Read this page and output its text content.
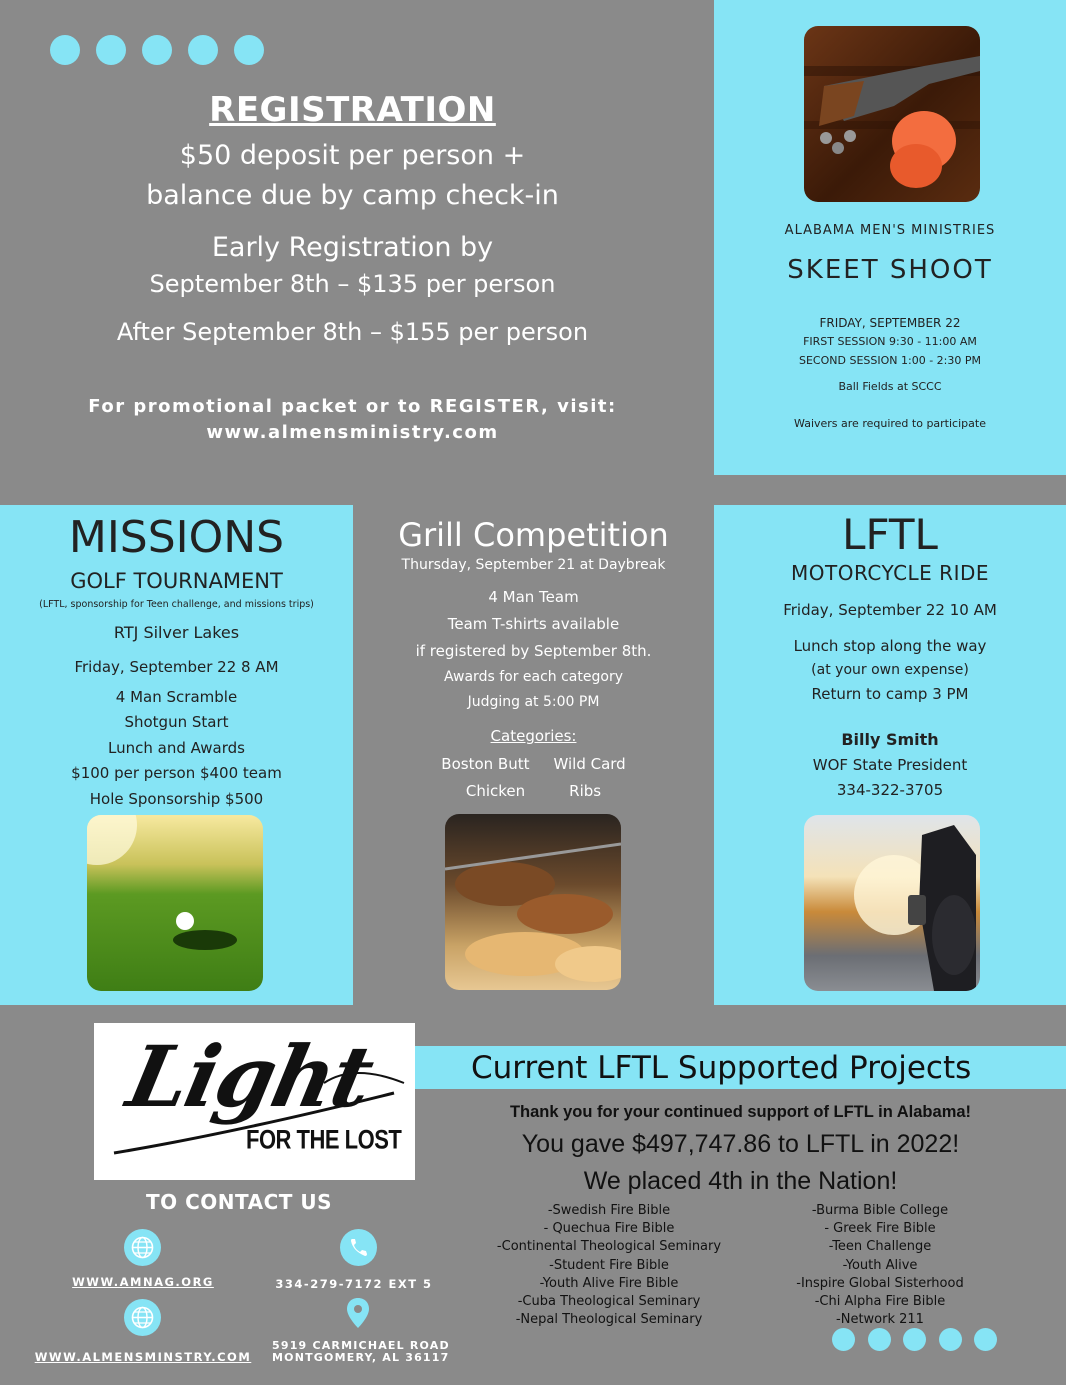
REGISTRATION
$50 deposit per person +
balance due by camp check-in
Early Registration by
September 8th – $135 per person
After September 8th – $155 per person
For promotional packet or to REGISTER, visit:
www.almensministry.com
ALABAMA MEN'S MINISTRIES
SKEET SHOOT
FRIDAY, SEPTEMBER 22
FIRST SESSION 9:30 - 11:00 AM
SECOND SESSION 1:00 - 2:30 PM
Ball Fields at SCCC
Waivers are required to participate
MISSIONS
GOLF TOURNAMENT
(LFTL, sponsorship for Teen challenge, and missions trips)
RTJ Silver Lakes
Friday, September 22 8 AM
4 Man Scramble
Shotgun Start
Lunch and Awards
$100 per person $400 team
Hole Sponsorship $500
Grill Competition
Thursday, September 21 at Daybreak
4 Man Team
Team T-shirts available
if registered by September 8th.
Awards for each category
Judging at 5:00 PM
Categories:
Boston Butt Wild Card
Chicken	Ribs
LFTL
MOTORCYCLE RIDE
Friday, September 22 10 AM
Lunch stop along the way
(at your own expense)
Return to camp 3 PM
Billy Smith
WOF State President
334-322-3705
Light
FOR THE LOST
TO CONTACT US
WWW.AMNAG.ORG	334-279-7172 EXT 5
WWW.ALMENSMINSTRY.COM
5919 CARMICHAEL ROAD
MONTGOMERY, AL 36117
Current LFTL Supported Projects
Thank you for your continued support of LFTL in Alabama!
You gave $497,747.86 to LFTL in 2022!
We placed 4th in the Nation!
-Swedish Fire Bible
- Quechua Fire Bible
-Continental Theological Seminary
-Student Fire Bible
-Youth Alive Fire Bible
-Cuba Theological Seminary
-Nepal Theological Seminary
-Burma Bible College
- Greek Fire Bible
-Teen Challenge
-Youth Alive
-Inspire Global Sisterhood
-Chi Alpha Fire Bible
-Network 211
